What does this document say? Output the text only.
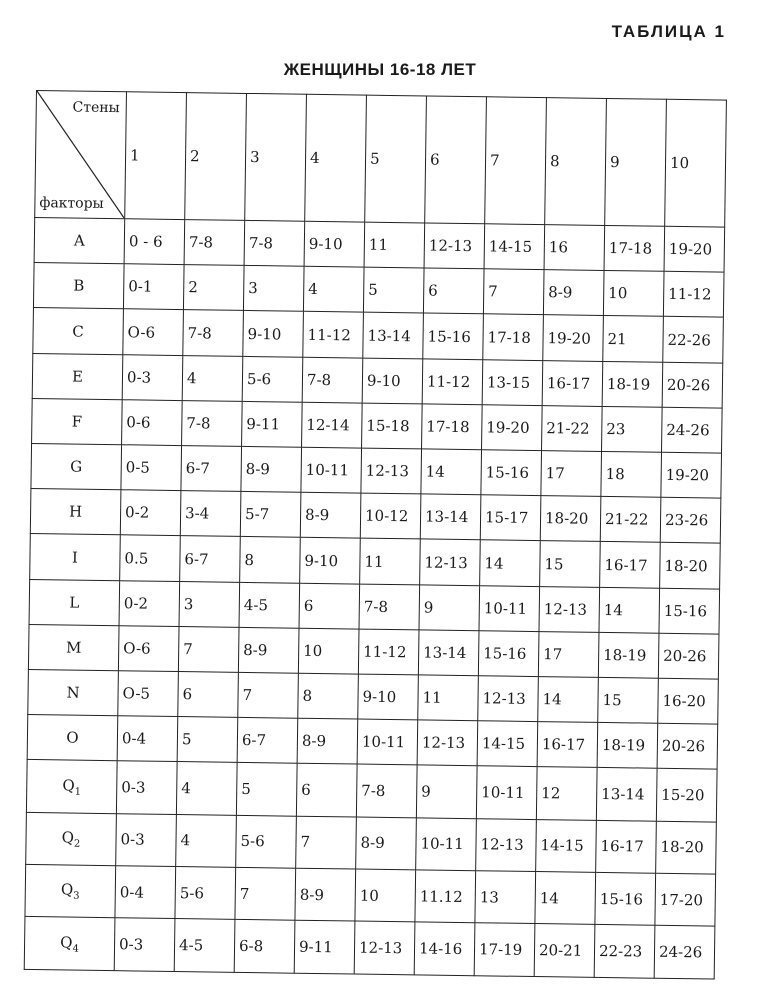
ТАБЛИЦА 1
ЖЕНЩИНЫ 16-18 ЛЕТ
Стены
факторы	1	2	3	4	5	6	7	8	9	10
A	0 - 6	7-8	7-8	9-10	11	12-13	14-15	16	17-18	19-20
B	0-1	2	3	4	5	6	7	8-9	10	11-12
C	O-6	7-8	9-10	11-12	13-14	15-16	17-18	19-20	21	22-26
E	0-3	4	5-6	7-8	9-10	11-12	13-15	16-17	18-19	20-26
F	0-6	7-8	9-11	12-14	15-18	17-18	19-20	21-22	23	24-26
G	0-5	6-7	8-9	10-11	12-13	14	15-16	17	18	19-20
H	0-2	3-4	5-7	8-9	10-12	13-14	15-17	18-20	21-22	23-26
I	0.5	6-7	8	9-10	11	12-13	14	15	16-17	18-20
L	0-2	3	4-5	6	7-8	9	10-11	12-13	14	15-16
M	O-6	7	8-9	10	11-12	13-14	15-16	17	18-19	20-26
N	O-5	6	7	8	9-10	11	12-13	14	15	16-20
O	0-4	5	6-7	8-9	10-11	12-13	14-15	16-17	18-19	20-26
$Q_1$	0-3	4	5	6	7-8	9	10-11	12	13-14	15-20
$Q_2$	0-3	4	5-6	7	8-9	10-11	12-13	14-15	16-17	18-20
$Q_3$	0-4	5-6	7	8-9	10	11.12	13	14	15-16	17-20
$Q_4$	0-3	4-5	6-8	9-11	12-13	14-16	17-19	20-21	22-23	24-26
